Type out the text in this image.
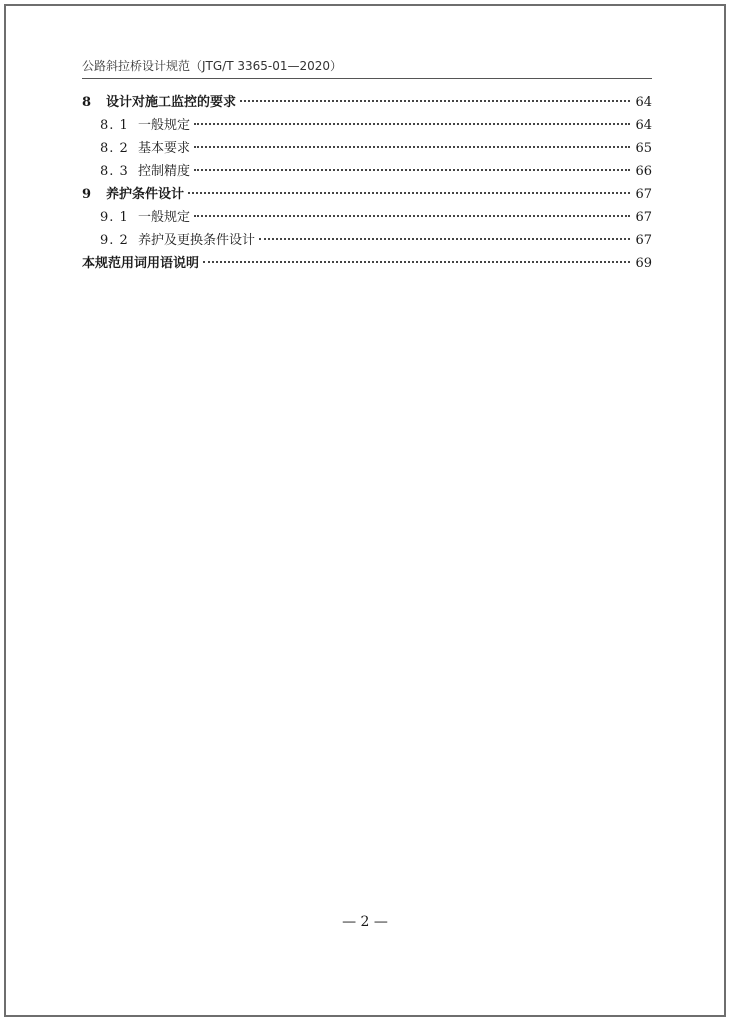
公路斜拉桥设计规范（JTG/T 3365-01—2020）
8	设计对施工监控的要求	64
8. 1 一般规定	64
8. 2 基本要求	65
8. 3 控制精度	66
9	养护条件设计	67
9. 1 一般规定	67
9. 2 养护及更换条件设计	67
本规范用词用语说明	69
— 2 —
